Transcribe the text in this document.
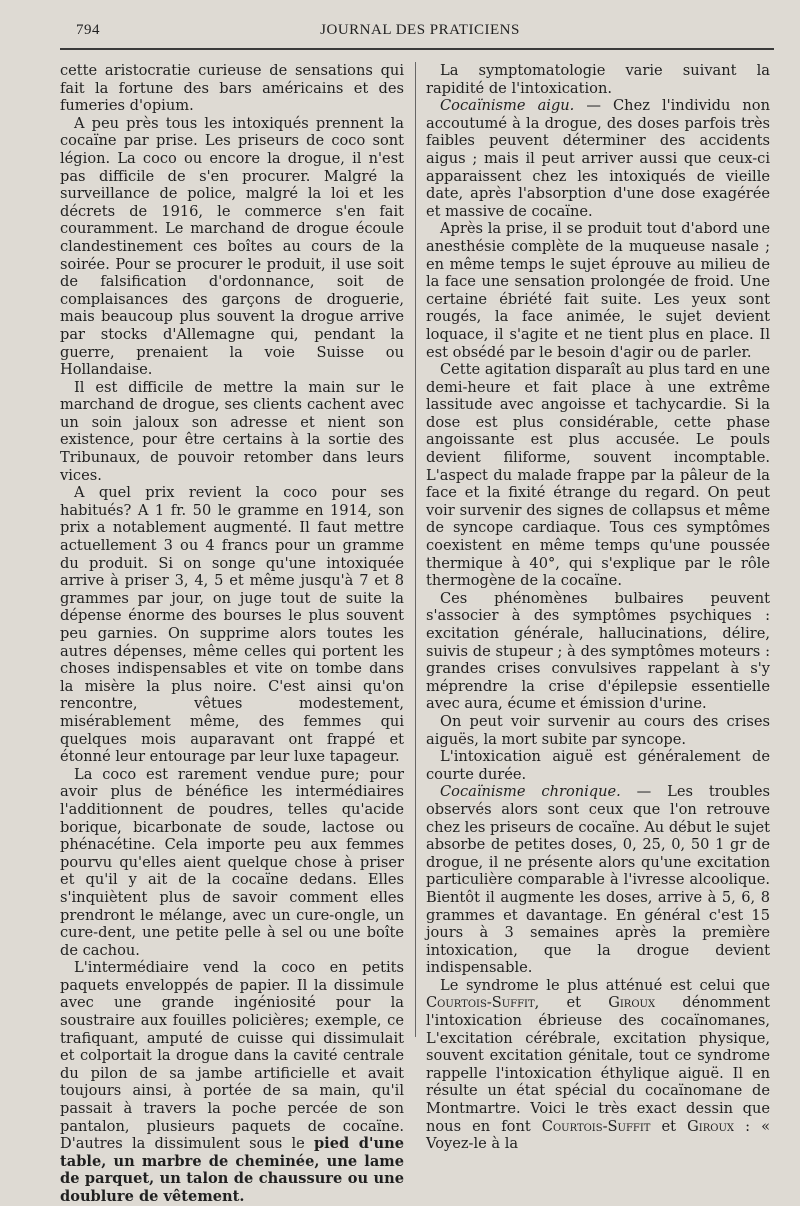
794	JOURNAL DES PRATICIENS

cette aristocratie curieuse de sensations qui fait la fortune des bars américains et des fumeries d'opium.

A peu près tous les intoxiqués prennent la cocaïne par prise. Les priseurs de coco sont légion. La coco ou encore la drogue, il n'est pas difficile de s'en procurer. Malgré la surveillance de police, malgré la loi et les décrets de 1916, le commerce s'en fait couramment. Le marchand de drogue écoule clandestinement ces boîtes au cours de la soirée. Pour se procurer le produit, il use soit de falsification d'ordonnance, soit de complaisances des garçons de droguerie, mais beaucoup plus souvent la drogue arrive par stocks d'Allemagne qui, pendant la guerre, prenaient la voie Suisse ou Hollandaise.

Il est difficile de mettre la main sur le marchand de drogue, ses clients cachent avec un soin jaloux son adresse et nient son existence, pour être certains à la sortie des Tribunaux, de pouvoir retomber dans leurs vices.

A quel prix revient la coco pour ses habitués? A 1 fr. 50 le gramme en 1914, son prix a notablement augmenté. Il faut mettre actuellement 3 ou 4 francs pour un gramme du produit. Si on songe qu'une intoxiquée arrive à priser 3, 4, 5 et même jusqu'à 7 et 8 grammes par jour, on juge tout de suite la dépense énorme des bourses le plus souvent peu garnies. On supprime alors toutes les autres dépenses, même celles qui portent les choses indispensables et vite on tombe dans la misère la plus noire. C'est ainsi qu'on rencontre, vêtues modestement, misérablement même, des femmes qui quelques mois auparavant ont frappé et étonné leur entourage par leur luxe tapageur.

La coco est rarement vendue pure; pour avoir plus de bénéfice les intermédiaires l'additionnent de poudres, telles qu'acide borique, bicarbonate de soude, lactose ou phénacétine. Cela importe peu aux femmes pourvu qu'elles aient quelque chose à priser et qu'il y ait de la cocaïne dedans. Elles s'inquiètent plus de savoir comment elles prendront le mélange, avec un cure-ongle, un cure-dent, une petite pelle à sel ou une boîte de cachou.

L'intermédiaire vend la coco en petits paquets enveloppés de papier. Il la dissimule avec une grande ingéniosité pour la soustraire aux fouilles policières; exemple, ce trafiquant, amputé de cuisse qui dissimulait et colportait la drogue dans la cavité centrale du pilon de sa jambe artificielle et avait toujours ainsi, à portée de sa main, qu'il passait à travers la poche percée de son pantalon, plusieurs paquets de cocaïne. D'autres la dissimulent sous le pied d'une table, un marbre de cheminée, une lame de parquet, un talon de chaussure ou une doublure de vêtement.

La symptomatologie varie suivant la rapidité de l'intoxication.

Cocaïnisme aigu. — Chez l'individu non accoutumé à la drogue, des doses parfois très faibles peuvent déterminer des accidents aigus ; mais il peut arriver aussi que ceux-ci apparaissent chez les intoxiqués de vieille date, après l'absorption d'une dose exagérée et massive de cocaïne.

Après la prise, il se produit tout d'abord une anesthésie complète de la muqueuse nasale ; en même temps le sujet éprouve au milieu de la face une sensation prolongée de froid. Une certaine ébriété fait suite. Les yeux sont rougés, la face animée, le sujet devient loquace, il s'agite et ne tient plus en place. Il est obsédé par le besoin d'agir ou de parler.

Cette agitation disparaît au plus tard en une demi-heure et fait place à une extrême lassitude avec angoisse et tachycardie. Si la dose est plus considérable, cette phase angoissante est plus accusée. Le pouls devient filiforme, souvent incomptable. L'aspect du malade frappe par la pâleur de la face et la fixité étrange du regard. On peut voir survenir des signes de collapsus et même de syncope cardiaque. Tous ces symptômes coexistent en même temps qu'une poussée thermique à 40°, qui s'explique par le rôle thermogène de la cocaïne.

Ces phénomènes bulbaires peuvent s'associer à des symptômes psychiques : excitation générale, hallucinations, délire, suivis de stupeur ; à des symptômes moteurs : grandes crises convulsives rappelant à s'y méprendre la crise d'épilepsie essentielle avec aura, écume et émission d'urine.

On peut voir survenir au cours des crises aiguës, la mort subite par syncope.

L'intoxication aiguë est généralement de courte durée.

Cocaïnisme chronique. — Les troubles observés alors sont ceux que l'on retrouve chez les priseurs de cocaïne. Au début le sujet absorbe de petites doses, 0, 25, 0, 50 1 gr de drogue, il ne présente alors qu'une excitation particulière comparable à l'ivresse alcoolique. Bientôt il augmente les doses, arrive à 5, 6, 8 grammes et davantage. En général c'est 15 jours à 3 semaines après la première intoxication, que la drogue devient indispensable.

Le syndrome le plus atténué est celui que Courtois-Suffit, et Giroux dénomment l'intoxication ébrieuse des cocaïnomanes, L'excitation cérébrale, excitation physique, souvent excitation génitale, tout ce syndrome rappelle l'intoxication éthylique aiguë. Il en résulte un état spécial du cocaïnomane de Montmartre. Voici le très exact dessin que nous en font Courtois-Suffit et Giroux : « Voyez-le à la
